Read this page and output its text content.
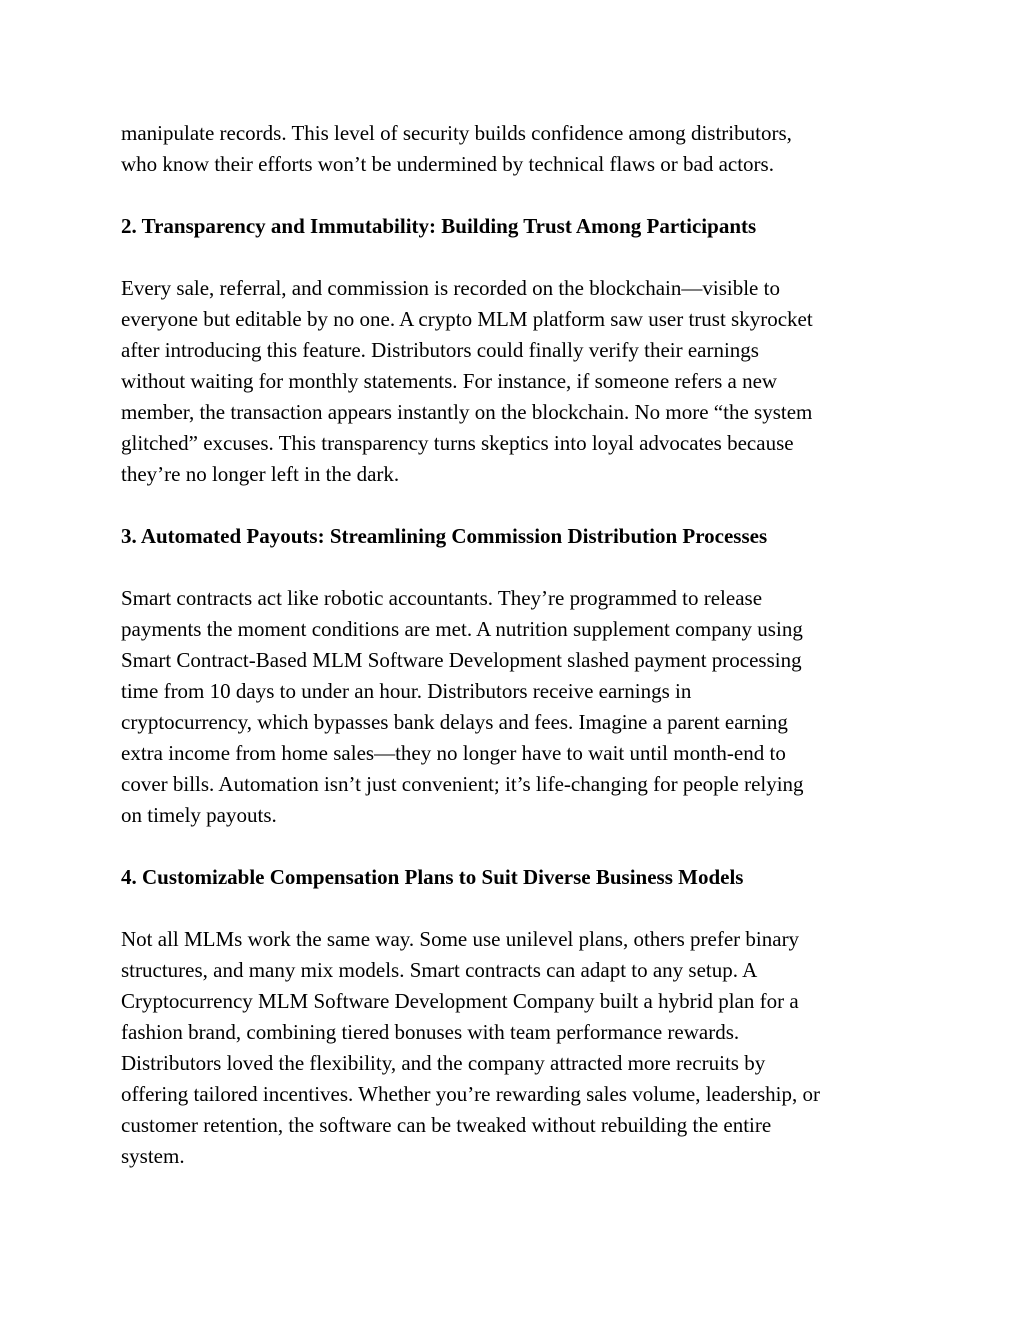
manipulate records. This level of security builds confidence among distributors,
who know their efforts won’t be undermined by technical flaws or bad actors.
2. Transparency and Immutability: Building Trust Among Participants
Every sale, referral, and commission is recorded on the blockchain—visible to
everyone but editable by no one. A crypto MLM platform saw user trust skyrocket
after introducing this feature. Distributors could finally verify their earnings
without waiting for monthly statements. For instance, if someone refers a new
member, the transaction appears instantly on the blockchain. No more “the system
glitched” excuses. This transparency turns skeptics into loyal advocates because
they’re no longer left in the dark.
3. Automated Payouts: Streamlining Commission Distribution Processes
Smart contracts act like robotic accountants. They’re programmed to release
payments the moment conditions are met. A nutrition supplement company using
Smart Contract-Based MLM Software Development slashed payment processing
time from 10 days to under an hour. Distributors receive earnings in
cryptocurrency, which bypasses bank delays and fees. Imagine a parent earning
extra income from home sales—they no longer have to wait until month-end to
cover bills. Automation isn’t just convenient; it’s life-changing for people relying
on timely payouts.
4. Customizable Compensation Plans to Suit Diverse Business Models
Not all MLMs work the same way. Some use unilevel plans, others prefer binary
structures, and many mix models. Smart contracts can adapt to any setup. A
Cryptocurrency MLM Software Development Company built a hybrid plan for a
fashion brand, combining tiered bonuses with team performance rewards.
Distributors loved the flexibility, and the company attracted more recruits by
offering tailored incentives. Whether you’re rewarding sales volume, leadership, or
customer retention, the software can be tweaked without rebuilding the entire
system.
